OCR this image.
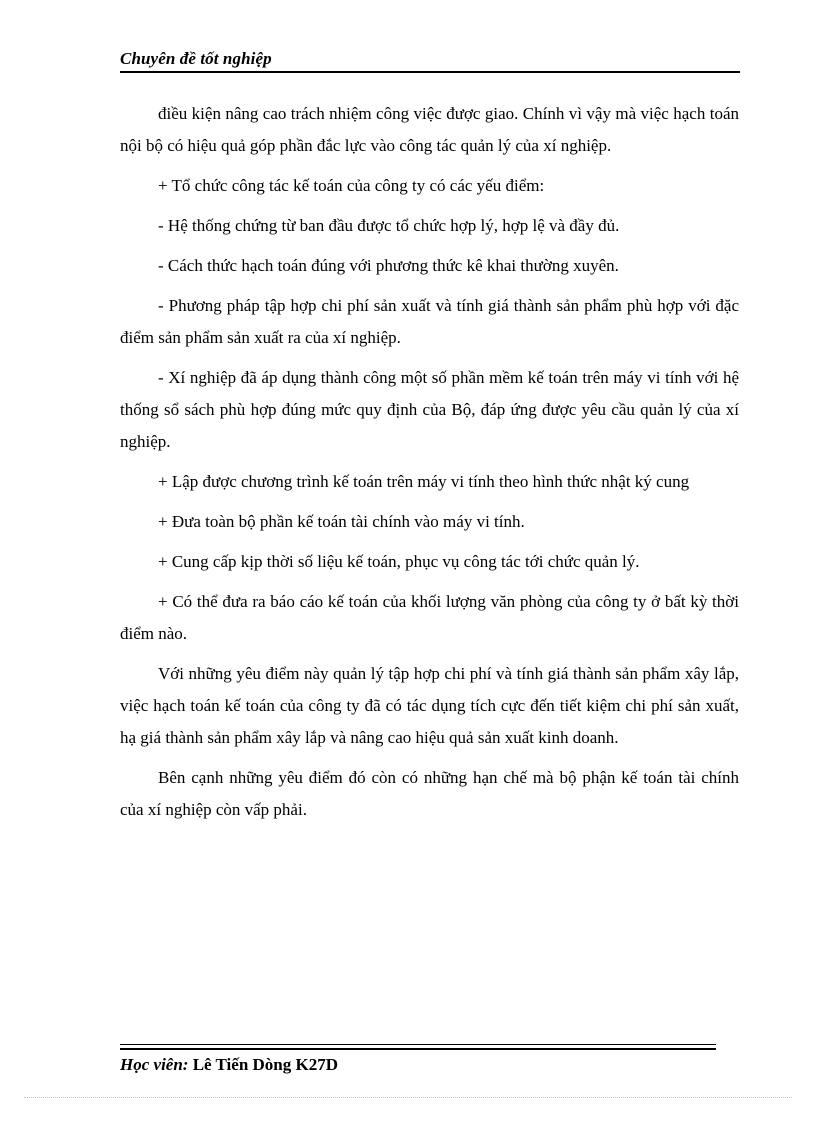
Chuyên đề tốt nghiệp

điều kiện nâng cao trách nhiệm công việc được giao. Chính vì vậy mà việc hạch toán nội bộ có hiệu quả góp phần đắc lực vào công tác quản lý của xí nghiệp.

+ Tổ chức công tác kế toán của công ty có các yếu điểm:

- Hệ thống chứng từ ban đầu được tổ chức hợp lý, hợp lệ và đầy đủ.

- Cách thức hạch toán đúng với phương thức kê khai thường xuyên.

- Phương pháp tập hợp chi phí sản xuất và tính giá thành sản phẩm phù hợp với đặc điểm sản phẩm sản xuất ra của xí nghiệp.

- Xí nghiệp đã áp dụng thành công một số phần mềm kế toán trên máy vi tính với hệ thống sổ sách phù hợp đúng mức quy định của Bộ, đáp ứng được yêu cầu quản lý của xí nghiệp.

+ Lập được chương trình kế toán trên máy vi tính theo hình thức nhật ký cung

+ Đưa toàn bộ phần kế toán tài chính vào máy vi tính.

+ Cung cấp kịp thời số liệu kế toán, phục vụ công tác tới chức quản lý.

+ Có thể đưa ra báo cáo kế toán của khối lượng văn phòng của công ty ở bất kỳ thời điểm nào.

Với những yêu điểm này quản lý tập hợp chi phí và tính giá thành sản phẩm xây lắp, việc hạch toán kế toán của công ty đã có tác dụng tích cực đến tiết kiệm chi phí sản xuất, hạ giá thành sản phẩm xây lắp và nâng cao hiệu quả sản xuất kinh doanh.

Bên cạnh những yêu điểm đó còn có những hạn chế mà bộ phận kế toán tài chính của xí nghiệp còn vấp phải.

Học viên: Lê Tiến Dòng K27D
